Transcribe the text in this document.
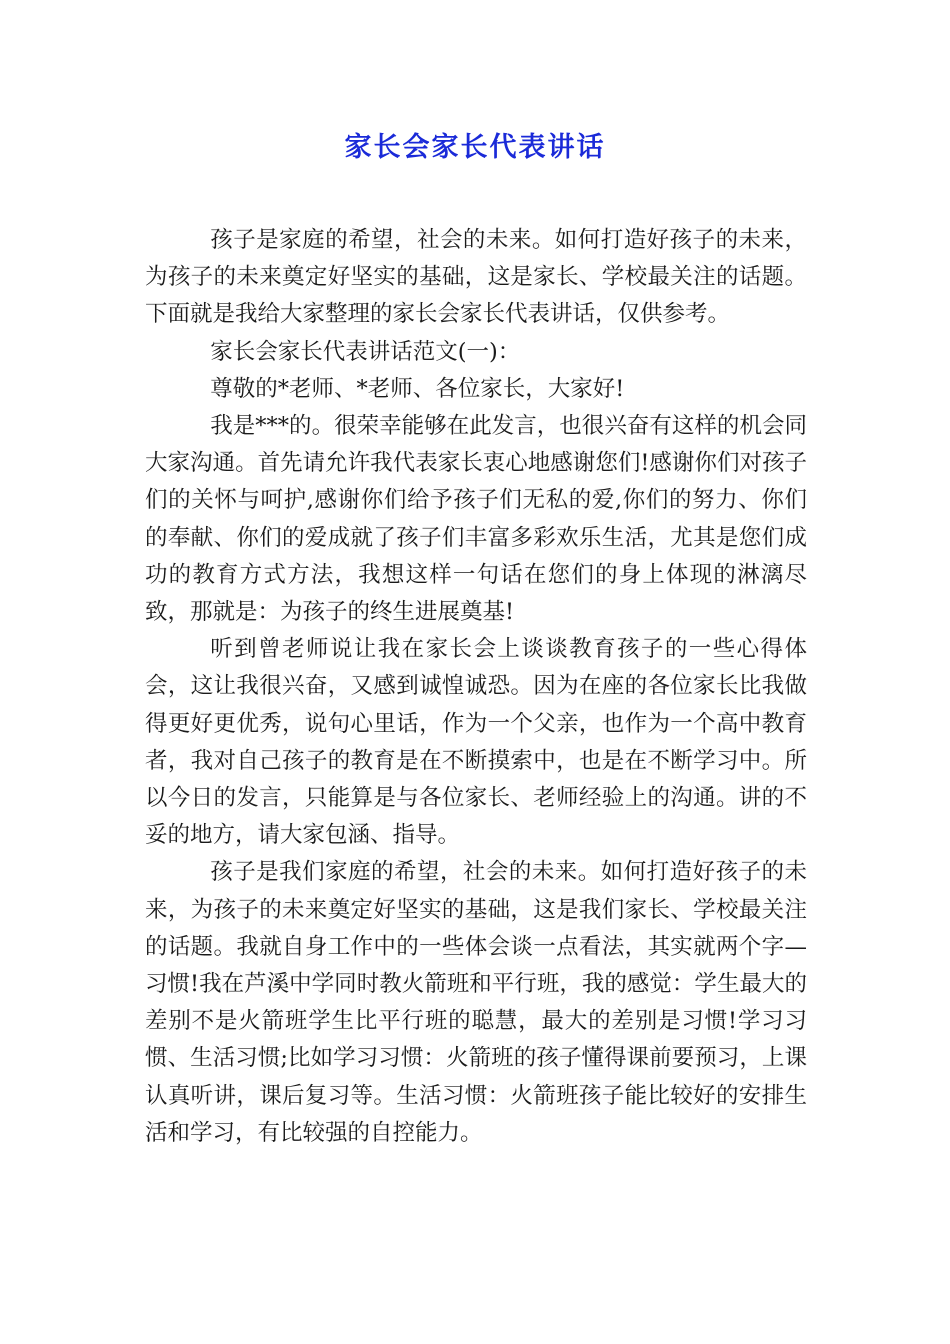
家长会家长代表讲话

孩子是家庭的希望，社会的未来。如何打造好孩子的未来，为孩子的未来奠定好坚实的基础，这是家长、学校最关注的话题。下面就是我给大家整理的家长会家长代表讲话，仅供参考。

家长会家长代表讲话范文(一)：

尊敬的*老师、*老师、各位家长，大家好!

我是***的。很荣幸能够在此发言，也很兴奋有这样的机会同大家沟通。首先请允许我代表家长衷心地感谢您们!感谢你们对孩子们的关怀与呵护,感谢你们给予孩子们无私的爱,你们的努力、你们的奉献、你们的爱成就了孩子们丰富多彩欢乐生活，尤其是您们成功的教育方式方法，我想这样一句话在您们的身上体现的淋漓尽致，那就是：为孩子的终生进展奠基!

听到曾老师说让我在家长会上谈谈教育孩子的一些心得体会，这让我很兴奋，又感到诚惶诚恐。因为在座的各位家长比我做得更好更优秀，说句心里话，作为一个父亲，也作为一个高中教育者，我对自己孩子的教育是在不断摸索中，也是在不断学习中。所以今日的发言，只能算是与各位家长、老师经验上的沟通。讲的不妥的地方，请大家包涵、指导。

孩子是我们家庭的希望，社会的未来。如何打造好孩子的未来，为孩子的未来奠定好坚实的基础，这是我们家长、学校最关注的话题。我就自身工作中的一些体会谈一点看法，其实就两个字—习惯!我在芦溪中学同时教火箭班和平行班，我的感觉：学生最大的差别不是火箭班学生比平行班的聪慧，最大的差别是习惯!学习习惯、生活习惯;比如学习习惯：火箭班的孩子懂得课前要预习，上课认真听讲，课后复习等。生活习惯：火箭班孩子能比较好的安排生活和学习，有比较强的自控能力。
